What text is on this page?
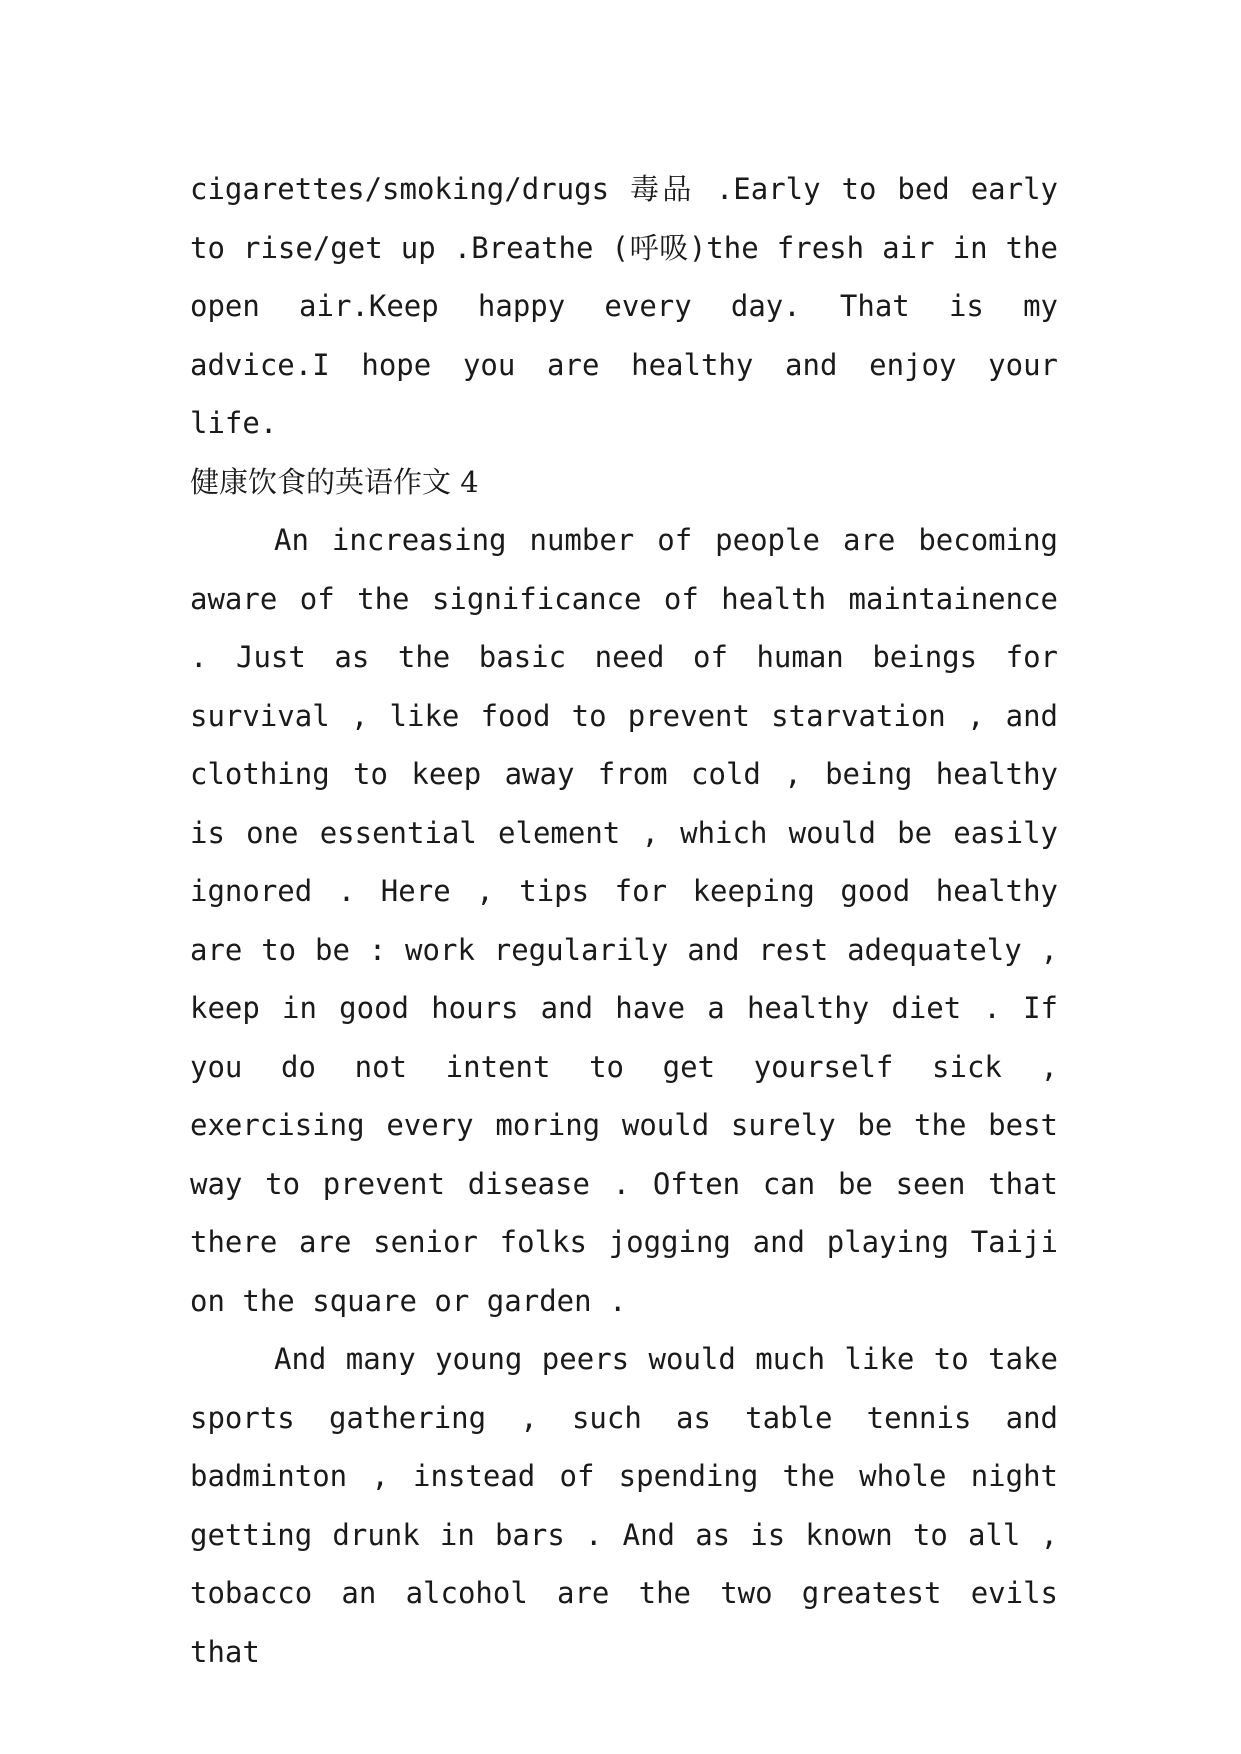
cigarettes/smoking/drugs 毒品 .Early to bed early to rise/get up .Breathe (呼吸)the fresh air in the open air.Keep happy every day. That is my advice.I hope you are healthy and enjoy your life.

健康饮食的英语作文 4

An increasing number of people are becoming aware of the significance of health maintainence . Just as the basic need of human beings for survival , like food to prevent starvation , and clothing to keep away from cold , being healthy is one essential element , which would be easily ignored . Here , tips for keeping good healthy are to be : work regularily and rest adequately , keep in good hours and have a healthy diet . If you do not intent to get yourself sick , exercising every moring would surely be the best way to prevent disease . Often can be seen that there are senior folks jogging and playing Taiji on the square or garden .

And many young peers would much like to take sports gathering , such as table tennis and badminton , instead of spending the whole night getting drunk in bars . And as is known to all , tobacco an alcohol are the two greatest evils that
